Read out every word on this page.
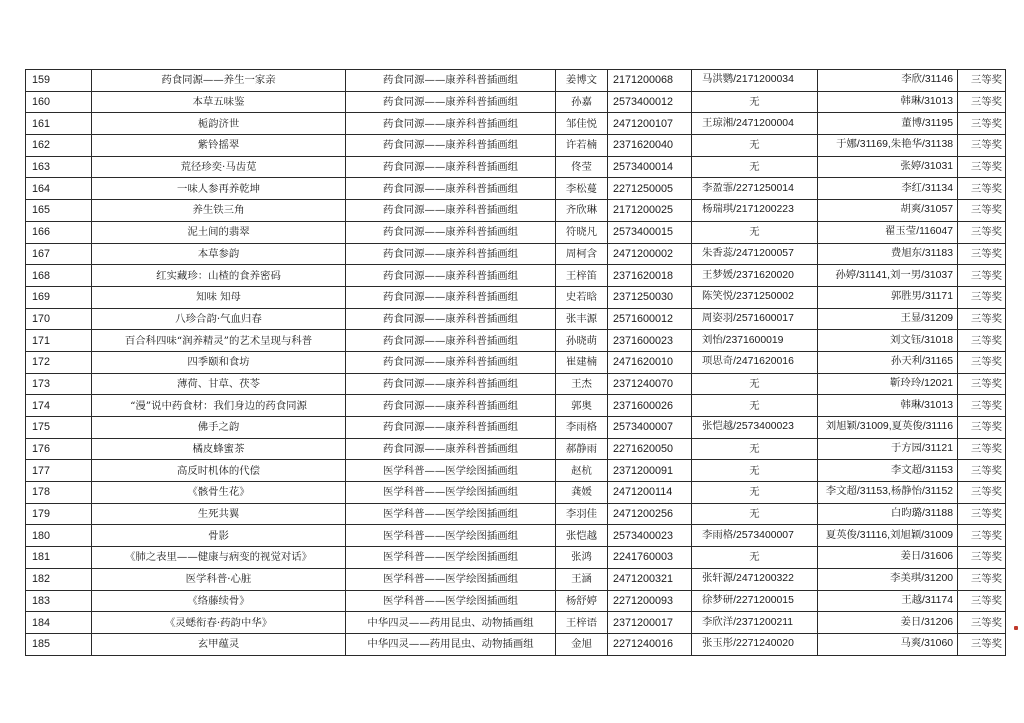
159	药食同源——养生一家亲	药食同源——康养科普插画组	姜博文	2171200068	马洪鹦/2171200034	李欣/31146	三等奖
160	本草五味鉴	药食同源——康养科普插画组	孙嘉	2573400012	无	韩琳/31013	三等奖
161	栀韵济世	药食同源——康养科普插画组	邹佳悦	2471200107	王琼湘/2471200004	董博/31195	三等奖
162	紫铃摇翠	药食同源——康养科普插画组	许若楠	2371620040	无	于娜/31169,朱艳华/31138	三等奖
163	荒径珍奕·马齿苋	药食同源——康养科普插画组	佟莹	2573400014	无	张婷/31031	三等奖
164	一味人参再养乾坤	药食同源——康养科普插画组	李松蔓	2271250005	李盈霏/2271250014	李红/31134	三等奖
165	养生铁三角	药食同源——康养科普插画组	齐欣琳	2171200025	杨瑞琪/2171200223	胡爽/31057	三等奖
166	泥土间的翡翠	药食同源——康养科普插画组	符晓凡	2573400015	无	翟玉莹/116047	三等奖
167	本草参韵	药食同源——康养科普插画组	周柯含	2471200002	朱香蕊/2471200057	费旭东/31183	三等奖
168	红实藏珍：山楂的食养密码	药食同源——康养科普插画组	王梓笛	2371620018	王梦媛/2371620020	孙婷/31141,刘一男/31037	三等奖
169	知味 知母	药食同源——康养科普插画组	史若晗	2371250030	陈笑悦/2371250002	郭胜男/31171	三等奖
170	八珍合韵·气血归春	药食同源——康养科普插画组	张丰源	2571600012	周姿羽/2571600017	王显/31209	三等奖
171	百合科四味“润养精灵”的艺术呈现与科普	药食同源——康养科普插画组	孙晓萌	2371600023	刘怡/2371600019	刘文钰/31018	三等奖
172	四季颐和食坊	药食同源——康养科普插画组	崔建楠	2471620010	项思奇/2471620016	孙天利/31165	三等奖
173	薄荷、甘草、茯苓	药食同源——康养科普插画组	王杰	2371240070	无	靳玲玲/12021	三等奖
174	“漫”说中药食材：我们身边的药食同源	药食同源——康养科普插画组	郭奥	2371600026	无	韩琳/31013	三等奖
175	佛手之韵	药食同源——康养科普插画组	李雨格	2573400007	张恺越/2573400023	刘旭颖/31009,夏英俊/31116	三等奖
176	橘皮蜂蜜茶	药食同源——康养科普插画组	郝静雨	2271620050	无	于方园/31121	三等奖
177	高反时机体的代偿	医学科普——医学绘图插画组	赵杭	2371200091	无	李文超/31153	三等奖
178	《骸骨生花》	医学科普——医学绘图插画组	龚媛	2471200114	无	李文超/31153,杨静怡/31152	三等奖
179	生死共翼	医学科普——医学绘图插画组	李羽佳	2471200256	无	白昀璐/31188	三等奖
180	骨影	医学科普——医学绘图插画组	张恺越	2573400023	李雨格/2573400007	夏英俊/31116,刘旭颖/31009	三等奖
181	《肺之表里——健康与病变的视觉对话》	医学科普——医学绘图插画组	张鸿	2241760003	无	姜日/31606	三等奖
182	医学科普·心脏	医学科普——医学绘图插画组	王涵	2471200321	张轩源/2471200322	李美琪/31200	三等奖
183	《络藤续骨》	医学科普——医学绘图插画组	杨舒婷	2271200093	徐梦研/2271200015	王越/31174	三等奖
184	《灵蟋衔春·药韵中华》	中华四灵——药用昆虫、动物插画组	王梓语	2371200017	李欣洋/2371200211	姜日/31206	三等奖
185	玄甲蕴灵	中华四灵——药用昆虫、动物插画组	金旭	2271240016	张玉彤/2271240020	马爽/31060	三等奖
